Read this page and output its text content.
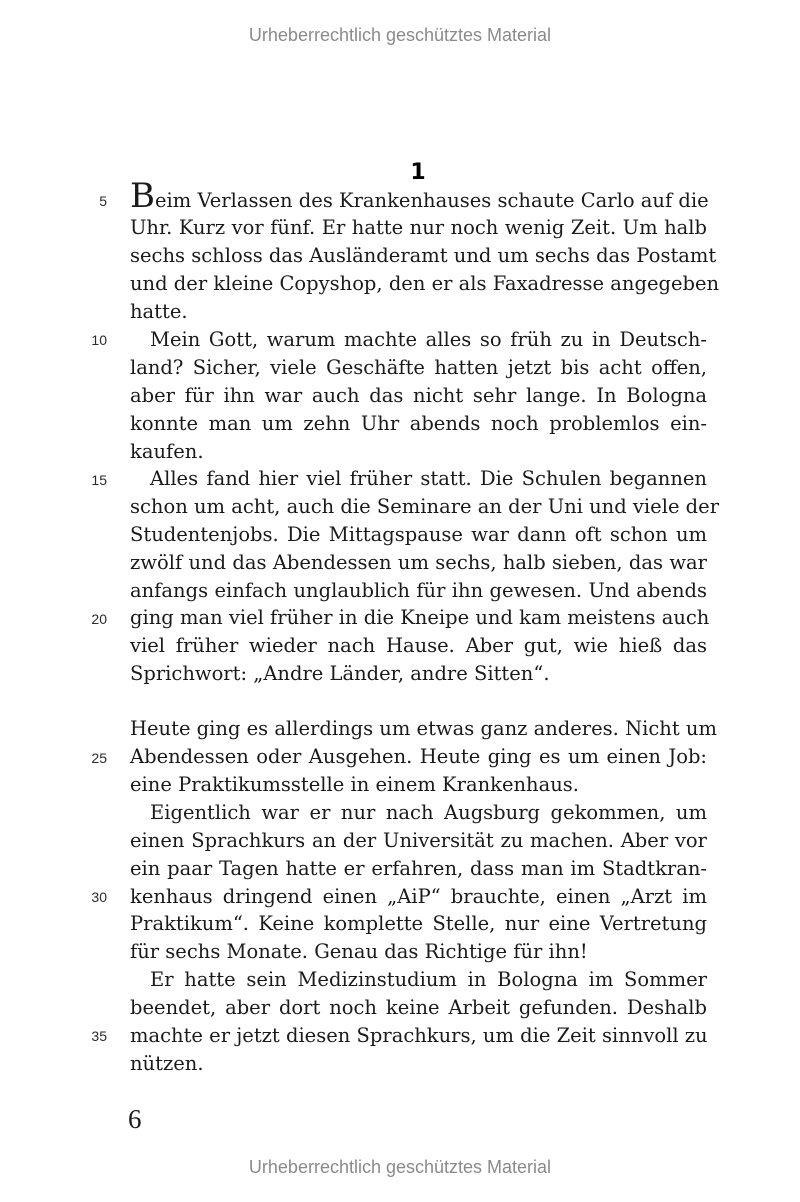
Urheberrechtlich geschütztes Material
1
Beim Verlassen des Krankenhauses schaute Carlo auf die
Uhr. Kurz vor fünf. Er hatte nur noch wenig Zeit. Um halb
sechs schloss das Ausländeramt und um sechs das Postamt
und der kleine Copyshop, den er als Faxadresse angegeben
hatte.
Mein Gott, warum machte alles so früh zu in Deutsch-
land? Sicher, viele Geschäfte hatten jetzt bis acht offen,
aber für ihn war auch das nicht sehr lange. In Bologna
konnte man um zehn Uhr abends noch problemlos ein-
kaufen.
Alles fand hier viel früher statt. Die Schulen begannen
schon um acht, auch die Seminare an der Uni und viele der
Studentenjobs. Die Mittagspause war dann oft schon um
zwölf und das Abendessen um sechs, halb sieben, das war
anfangs einfach unglaublich für ihn gewesen. Und abends
ging man viel früher in die Kneipe und kam meistens auch
viel früher wieder nach Hause. Aber gut, wie hieß das
Sprichwort: „Andre Länder, andre Sitten“.
Heute ging es allerdings um etwas ganz anderes. Nicht um
Abendessen oder Ausgehen. Heute ging es um einen Job:
eine Praktikumsstelle in einem Krankenhaus.
Eigentlich war er nur nach Augsburg gekommen, um
einen Sprachkurs an der Universität zu machen. Aber vor
ein paar Tagen hatte er erfahren, dass man im Stadtkran-
kenhaus dringend einen „AiP“ brauchte, einen „Arzt im
Praktikum“. Keine komplette Stelle, nur eine Vertretung
für sechs Monate. Genau das Richtige für ihn!
Er hatte sein Medizinstudium in Bologna im Sommer
beendet, aber dort noch keine Arbeit gefunden. Deshalb
machte er jetzt diesen Sprachkurs, um die Zeit sinnvoll zu
nützen.
5
10
15
20
25
30
35
6
Urheberrechtlich geschütztes Material
